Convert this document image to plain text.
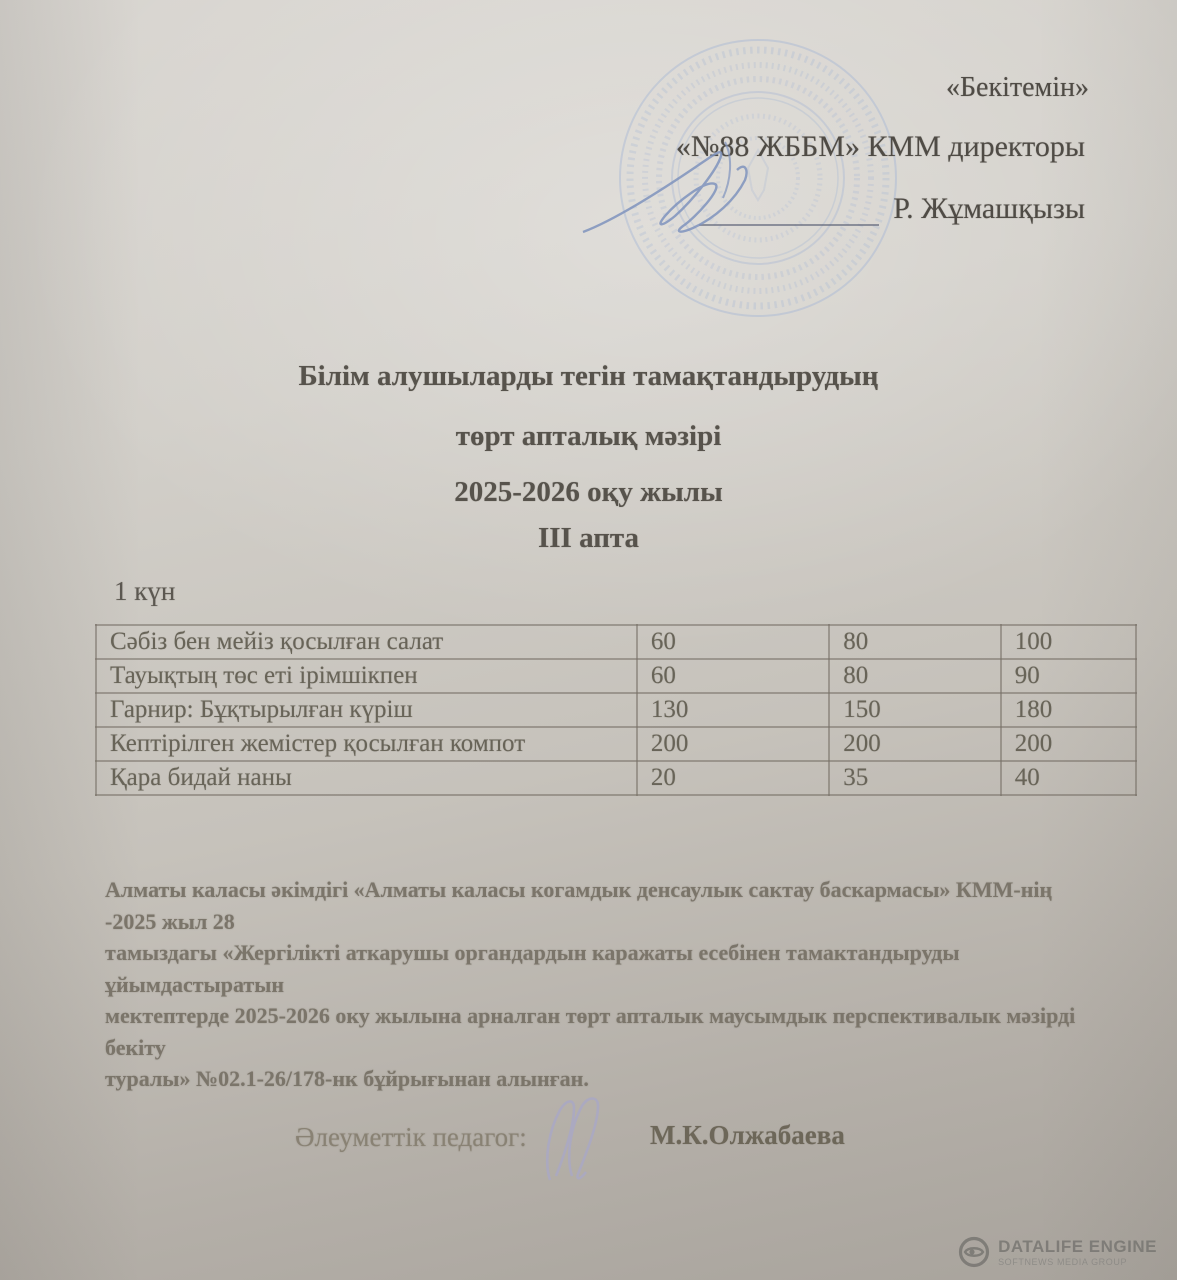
«Бекітемін»
«№88 ЖББМ» КММ директоры
Р. Жұмашқызы
Білім алушыларды тегін тамақтандырудың
төрт апталық мәзірі
2025-2026 оқу жылы
III апта
1 күн
Сәбіз бен мейіз қосылған салат	60	80	100
Тауықтың төс еті ірімшікпен	60	80	90
Гарнир: Бұқтырылған күріш	130	150	180
Кептірілген жемістер қосылған компот	200	200	200
Қара бидай наны	20	35	40
Алматы каласы әкімдігі «Алматы каласы когамдык денсаулык сактау баскармасы» КММ-нің -2025 жыл 28
тамыздагы «Жергілікті аткарушы органдардын каражаты есебінен тамактандыруды ұйымдастыратын
мектептерде 2025-2026 оку жылына арналган төрт апталык маусымдык перспективалык мәзірді бекіту
туралы» №02.1-26/178-нк бұйрығынан алынған.
Әлеуметтік педагог:	М.К.Олжабаева
DATALIFE ENGINE
SOFTNEWS MEDIA GROUP
